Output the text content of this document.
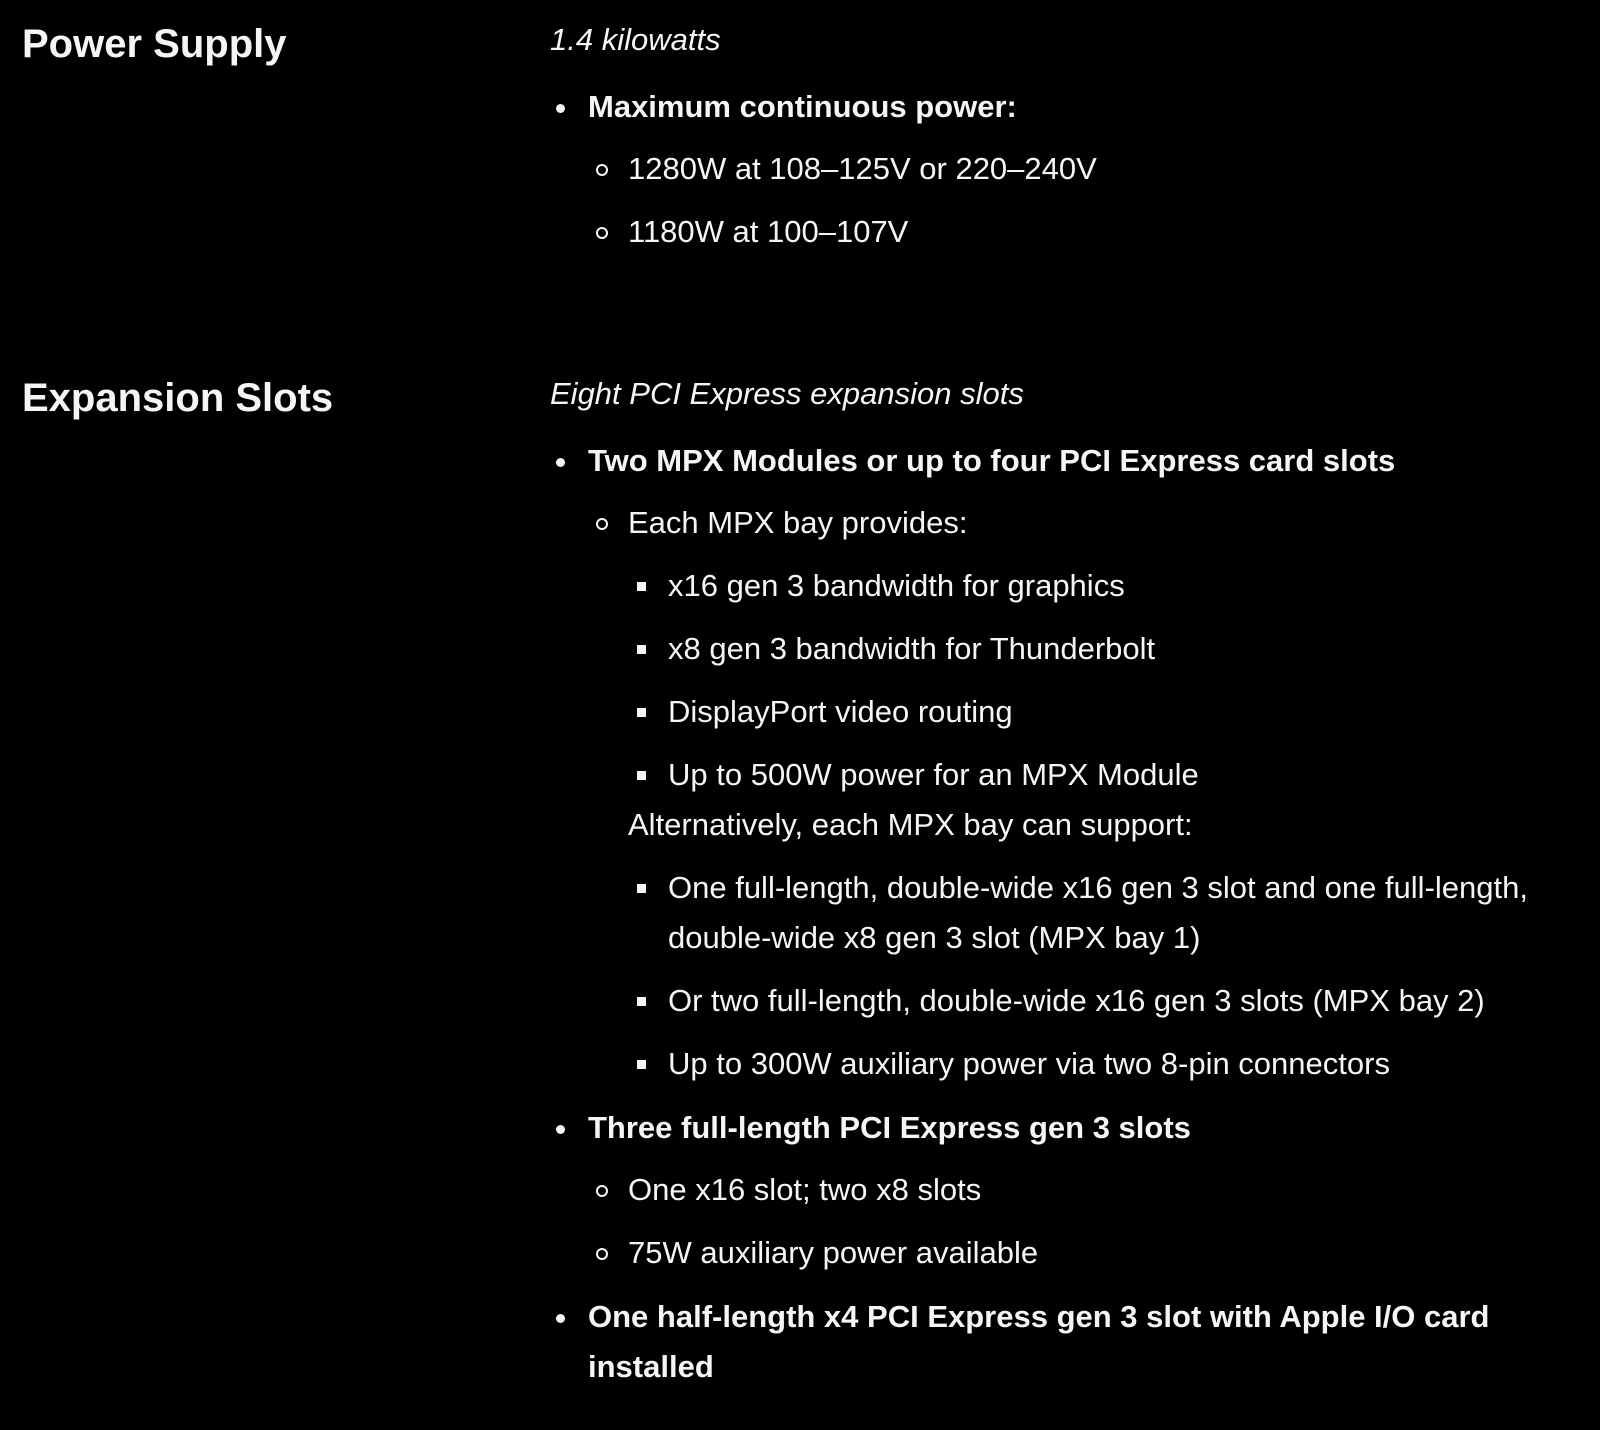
Power Supply	1.4 kilowatts

Maximum continuous power:
1280W at 108–125V or 220–240V
1180W at 100–107V
Expansion Slots	Eight PCI Express expansion slots

Two MPX Modules or up to four PCI Express card slots
Each MPX bay provides:
x16 gen 3 bandwidth for graphics
x8 gen 3 bandwidth for Thunderbolt
DisplayPort video routing
Up to 500W power for an MPX Module
Alternatively, each MPX bay can support:
One full-length, double-wide x16 gen 3 slot and one full-length, double-wide x8 gen 3 slot (MPX bay 1)
Or two full-length, double-wide x16 gen 3 slots (MPX bay 2)
Up to 300W auxiliary power via two 8-pin connectors
Three full-length PCI Express gen 3 slots
One x16 slot; two x8 slots
75W auxiliary power available
One half-length x4 PCI Express gen 3 slot with Apple I/O card installed
